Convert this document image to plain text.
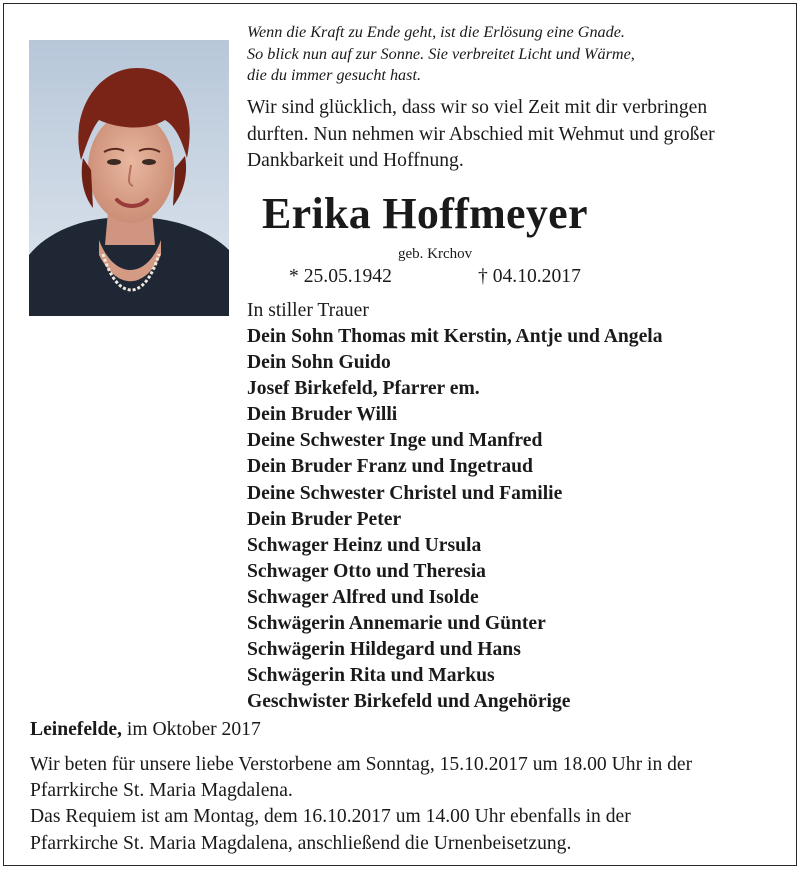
Wenn die Kraft zu Ende geht, ist die Erlösung eine Gnade.
So blick nun auf zur Sonne. Sie verbreitet Licht und Wärme,
die du immer gesucht hast.
Wir sind glücklich, dass wir so viel Zeit mit dir verbringen
durften. Nun nehmen wir Abschied mit Wehmut und großer
Dankbarkeit und Hoffnung.
Erika Hoffmeyer
geb. Krchov
* 25.05.1942	† 04.10.2017
In stiller Trauer
Dein Sohn Thomas mit Kerstin, Antje und Angela
Dein Sohn Guido
Josef Birkefeld, Pfarrer em.
Dein Bruder Willi
Deine Schwester Inge und Manfred
Dein Bruder Franz und Ingetraud
Deine Schwester Christel und Familie
Dein Bruder Peter
Schwager Heinz und Ursula
Schwager Otto und Theresia
Schwager Alfred und Isolde
Schwägerin Annemarie und Günter
Schwägerin Hildegard und Hans
Schwägerin Rita und Markus
Geschwister Birkefeld und Angehörige
Leinefelde, im Oktober 2017
Wir beten für unsere liebe Verstorbene am Sonntag, 15.10.2017 um 18.00 Uhr in der
Pfarrkirche St. Maria Magdalena.
Das Requiem ist am Montag, dem 16.10.2017 um 14.00 Uhr ebenfalls in der
Pfarrkirche St. Maria Magdalena, anschließend die Urnenbeisetzung.
